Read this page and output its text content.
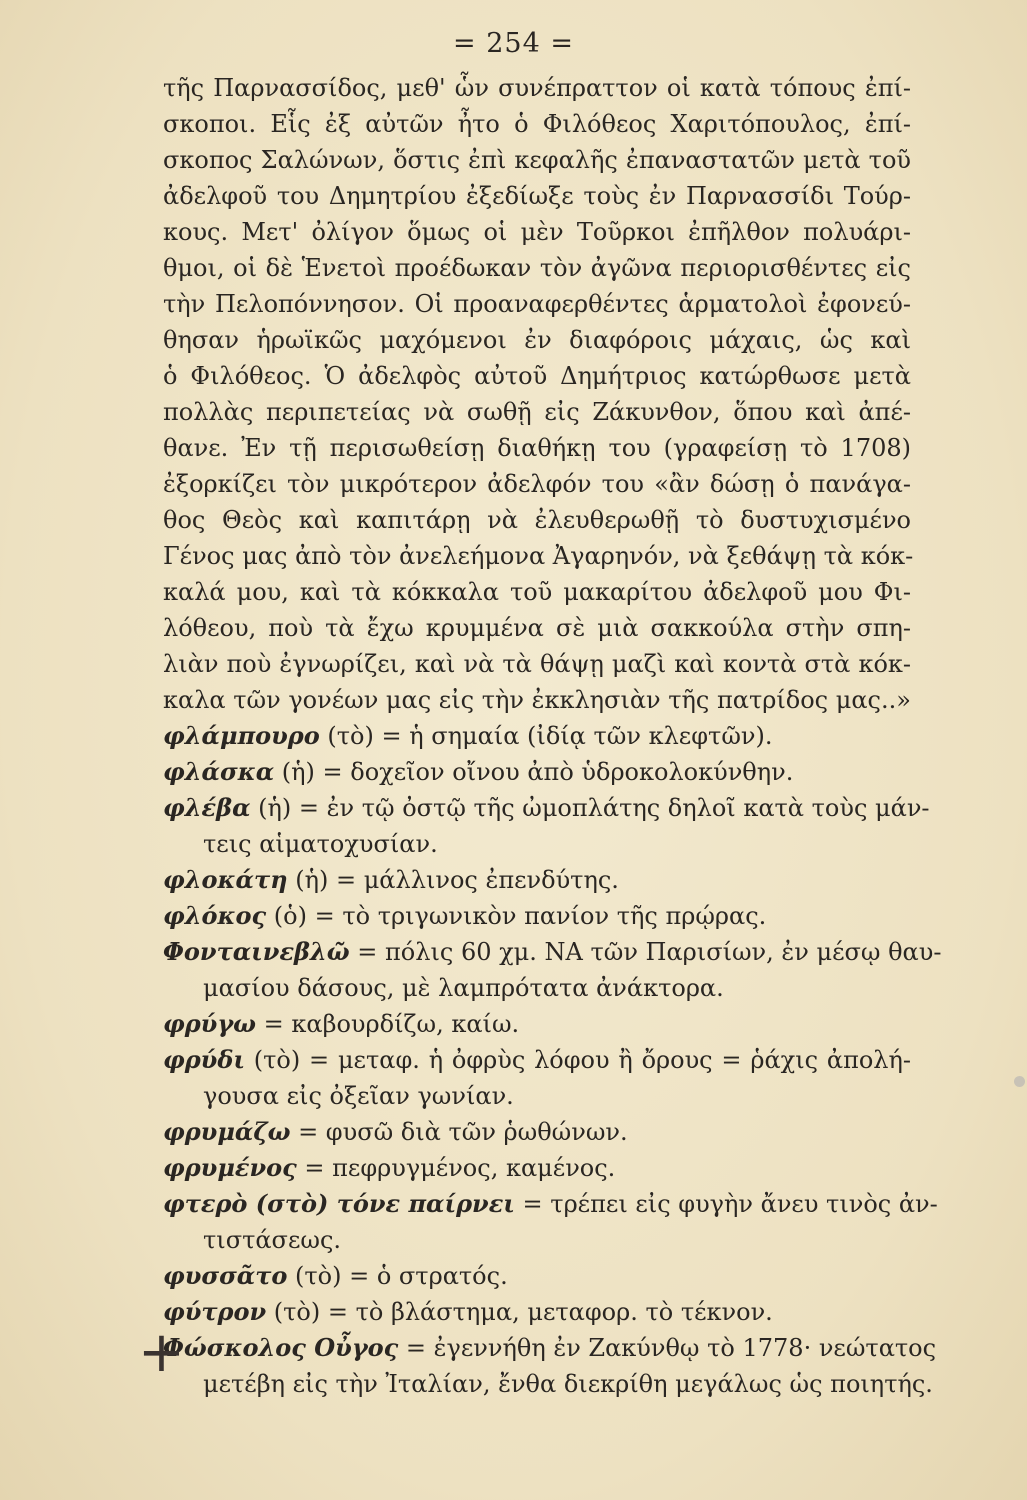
= 254 =
τῆς Παρνασσίδος, μεθ' ὧν συνέπραττον οἱ κατὰ τόπους ἐπί-
σκοποι. Εἷς ἐξ αὐτῶν ἦτο ὁ Φιλόθεος Χαριτόπουλος, ἐπί-
σκοπος Σαλώνων, ὅστις ἐπὶ κεφαλῆς ἐπαναστατῶν μετὰ τοῦ
ἀδελφοῦ του Δημητρίου ἐξεδίωξε τοὺς ἐν Παρνασσίδι Τούρ-
κους. Μετ' ὀλίγον ὅμως οἱ μὲν Τοῦρκοι ἐπῆλθον πολυάρι-
θμοι, οἱ δὲ Ἑνετοὶ προέδωκαν τὸν ἀγῶνα περιορισθέντες εἰς
τὴν Πελοπόννησον. Οἱ προαναφερθέντες ἁρματολοὶ ἐφονεύ-
θησαν ἡρωϊκῶς μαχόμενοι ἐν διαφόροις μάχαις, ὡς καὶ
ὁ Φιλόθεος. Ὁ ἀδελφὸς αὐτοῦ Δημήτριος κατώρθωσε μετὰ
πολλὰς περιπετείας νὰ σωθῇ εἰς Ζάκυνθον, ὅπου καὶ ἀπέ-
θανε. Ἐν τῇ περισωθείσῃ διαθήκῃ του (γραφείσῃ τὸ 1708)
ἐξορκίζει τὸν μικρότερον ἀδελφόν του «ἂν δώσῃ ὁ πανάγα-
θος Θεὸς καὶ καπιτάρῃ νὰ ἐλευθερωθῇ τὸ δυστυχισμένο
Γένος μας ἀπὸ τὸν ἀνελεήμονα Ἀγαρηνόν, νὰ ξεθάψῃ τὰ κόκ-
καλά μου, καὶ τὰ κόκκαλα τοῦ μακαρίτου ἀδελφοῦ μου Φι-
λόθεου, ποὺ τὰ ἔχω κρυμμένα σὲ μιὰ σακκούλα στὴν σπη-
λιὰν ποὺ ἐγνωρίζει, καὶ νὰ τὰ θάψῃ μαζὶ καὶ κοντὰ στὰ κόκ-
καλα τῶν γονέων μας εἰς τὴν ἐκκλησιὰν τῆς πατρίδος μας..»
φλάμπουρο (τὸ) = ἡ σημαία (ἰδίᾳ τῶν κλεφτῶν).
φλάσκα (ἡ) = δοχεῖον οἴνου ἀπὸ ὑδροκολοκύνθην.
φλέβα (ἡ) = ἐν τῷ ὀστῷ τῆς ὠμοπλάτης δηλοῖ κατὰ τοὺς μάν-
τεις αἱματοχυσίαν.
φλοκάτη (ἡ) = μάλλινος ἐπενδύτης.
φλόκος (ὁ) = τὸ τριγωνικὸν πανίον τῆς πρῴρας.
Φονταινεβλῶ = πόλις 60 χμ. ΝΑ τῶν Παρισίων, ἐν μέσῳ θαυ-
μασίου δάσους, μὲ λαμπρότατα ἀνάκτορα.
φρύγω = καβουρδίζω, καίω.
φρύδι (τὸ) = μεταφ. ἡ ὀφρὺς λόφου ἢ ὄρους = ῥάχις ἀπολή-
γουσα εἰς ὀξεῖαν γωνίαν.
φρυμάζω = φυσῶ διὰ τῶν ῥωθώνων.
φρυμένος = πεφρυγμένος, καμένος.
φτερὸ (στὸ) τόνε παίρνει = τρέπει εἰς φυγὴν ἄνευ τινὸς ἀν-
τιστάσεως.
φυσσᾶτο (τὸ) = ὁ στρατός.
φύτρον (τὸ) = τὸ βλάστημα, μεταφορ. τὸ τέκνον.
Φώσκολος Οὖγος = ἐγεννήθη ἐν Ζακύνθῳ τὸ 1778· νεώτατος
μετέβη εἰς τὴν Ἰταλίαν, ἔνθα διεκρίθη μεγάλως ὡς ποιητής.
+
